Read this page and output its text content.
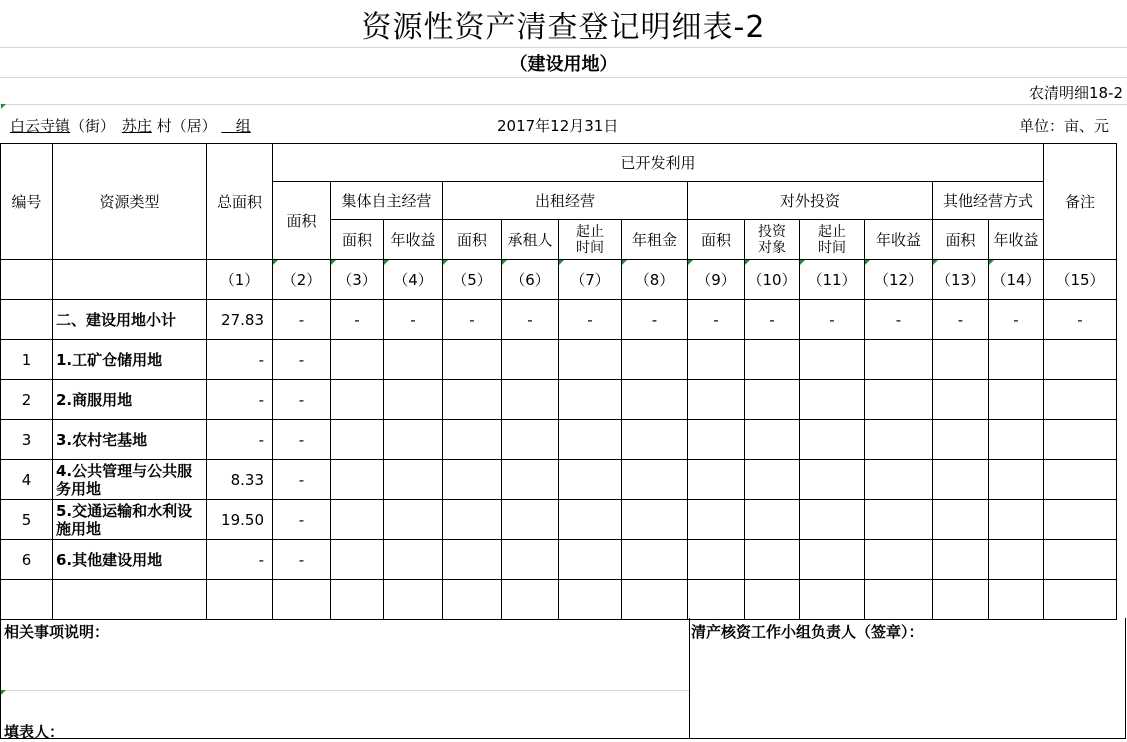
资源性资产清查登记明细表-2
（建设用地）
农清明细18-2
白云寺镇（街） 苏庄 村（居） 组	2017年12月31日	单位：亩、元
编号	资源类型	总面积	已开发利用													备注
			面积	集体自主经营		出租经营				对外投资				其他经营方式		
				面积	年收益	面积	承租人	起止时间	年租金	面积	投资对象	起止时间	年收益	面积	年收益	
		（1）	（2）	（3）	（4）	（5）	（6）	（7）	（8）	（9）	（10）	（11）	（12）	（13）	（14）	（15）
	二、建设用地小计	27.83	-	-	-	-	-	-	-	-	-	-	-	-	-	-
1	1.工矿仓储用地	-	-													
2	2.商服用地	-	-													
3	3.农村宅基地	-	-													
4	4.公共管理与公共服务用地	8.33	-													
5	5.交通运输和水利设施用地	19.50	-													
6	6.其他建设用地	-	-													

相关事项说明：
填表人：
清产核资工作小组负责人（签章）：
